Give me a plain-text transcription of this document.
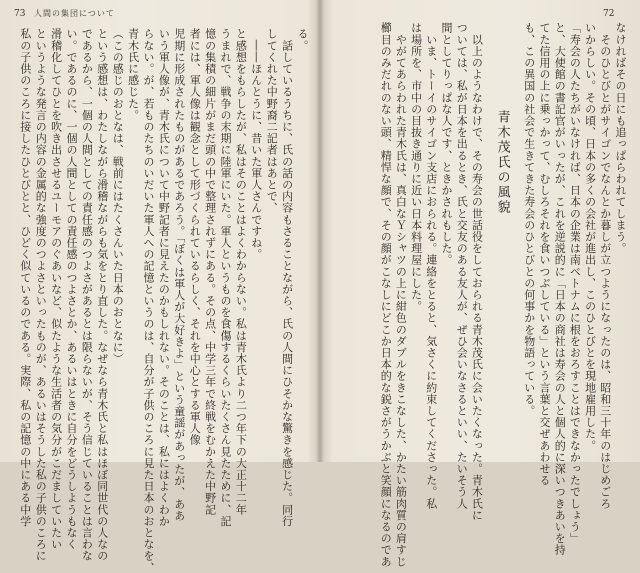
73 人間の集団について
る。
　話しているうちに、氏の話の内容もさることながら、氏の人間にひそかな驚きを感じた。同行
してくれた中野裔二記者はあとで、
　――ほんとうに、昔いた軍人さんですね。
と感想をもらしたが、私はそのことはよくわからない。私は青木氏より二つ年下の大正十二年
うまれで、戦争の末期に陸軍にいた。軍人というものを食傷するくらいたくさん見たために、記
憶の集積の細片がまだ頭の中で整理されずにある。その点、中学三年で終戦をむかえた中野記
者には、軍人像は観念として形づくられているらしく、それを中心とする軍人像
児期に形成されたものがあるであろう。「ぼくは軍人が大好きよ」という童謡があったが、ああ
いう軍人像が、青木氏について中野記者に見えたのかもしれない。そのことは、私にはよくわか
らない。が、若ものたちのいだいた軍人への記憶というのは、自分が子供のころに見た日本のおとなを、
青木氏に感じた。
（この感じのおとなは、戦前にはたくさんいた日本のおとなに）
という感想は、わたしながら滑稽ながらも気をとり直した。なぜなら青木氏と私はほぼ同世代の人なの
であるから、一個の人間としての責任感のつよさがあるとは限らないが、そう信じていることは言わな
い。であるのに、一個の人間としての責任感のつよさとか、あるいはときに自分をどうしようもなく
滑稽化してひとを吹き出させるユーモアのぐあいなど、似たような生活者の気分がこだましていたい
というような発言の内容の金属的な強度のつよさといったものが、あるいはそうした私の子供のころに
私の子供のころに接したひとびとと、ひどく似ているのである。実際、私の記憶の中にある中学
72
なければその日にも追っぱらわれてしまう。
　そのひとびとがサイゴンでなんとか暮しが立つようになったのは、昭和三十年のはじめごろ
いからしい。その頃、日本の多くの会社が進出し、このひとびとを現地雇用した。
「寿会の人たちがいなければ、日本の企業は南ベトナムに根をおろすことはできなかったでしょう」
と、大使館の書記官がいったが、これを逆説的に「日本の商社は寿会の人と個人的に深いつきあいを持
てた信用の上に乗っかって、むしろそれを食いつぶしている」という言葉と交ぜあわせる
も、この異国の社会で生きてきた寿会のひとびとの何事かを物語っている。
青木茂氏の風貌
　以上のようなわけで、その寿会の世話役をしておられる青木茂氏に会いたくなった。青木氏に
ついては、私が日本を出るとき、氏と交友のある友人が、ぜひ会いなさるといい、たいそう人
間としてりっぱな人です、ときかされもした。
　いま、トーイのサイゴン支店におられる。連絡をとると、気さくに約束してくださった。私
は場所を、市中の目抜き通りに近い日本料理屋にした。
　やがてあらわれた青木氏は、真白なＹシャツの上に紺色のダブルをきこなした、かたい筋肉質の肩すじ
櫛目のみだれのない頭、精悍な顔で、その顔がこなしにどこか日本的な鋭さがうかぶと笑顔になるのであ
